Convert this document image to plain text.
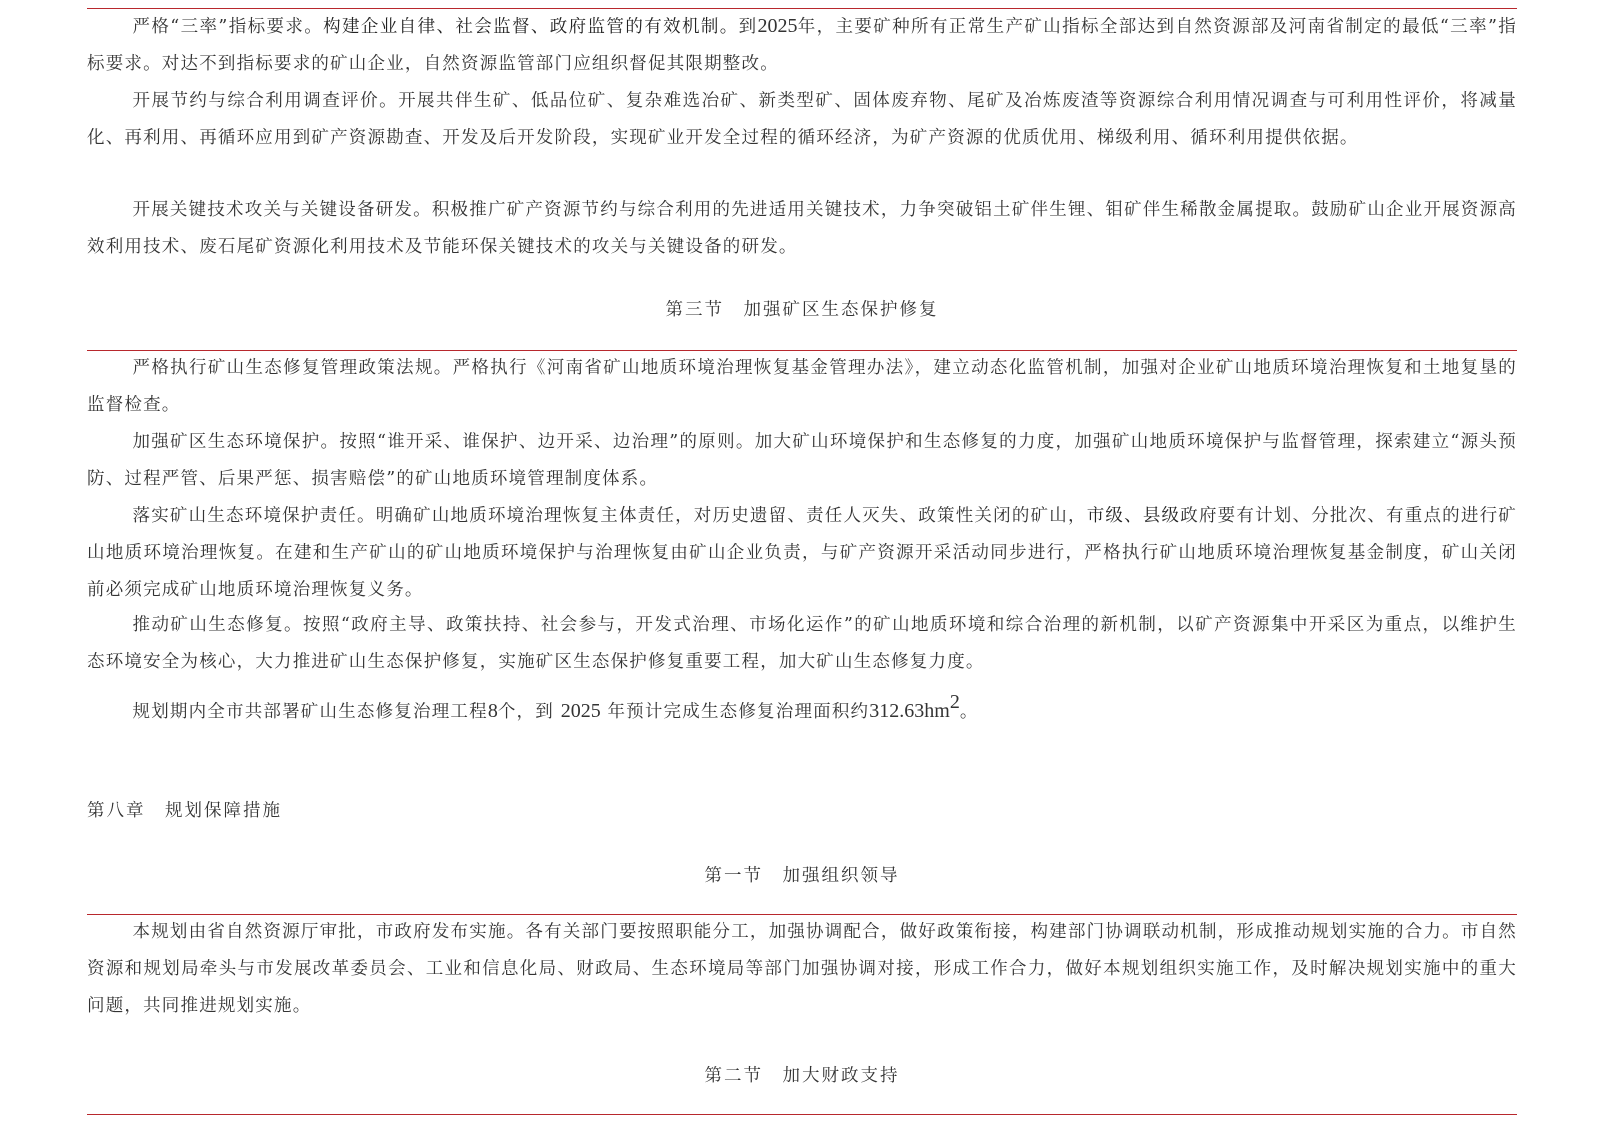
严格“三率”指标要求。构建企业自律、社会监督、政府监管的有效机制。到2025年，主要矿种所有正常生产矿山指标全部达到自然资源部及河南省制定的最低“三率”指标要求。对达不到指标要求的矿山企业，自然资源监管部门应组织督促其限期整改。

开展节约与综合利用调查评价。开展共伴生矿、低品位矿、复杂难选冶矿、新类型矿、固体废弃物、尾矿及冶炼废渣等资源综合利用情况调查与可利用性评价，将减量化、再利用、再循环应用到矿产资源勘查、开发及后开发阶段，实现矿业开发全过程的循环经济，为矿产资源的优质优用、梯级利用、循环利用提供依据。

开展关键技术攻关与关键设备研发。积极推广矿产资源节约与综合利用的先进适用关键技术，力争突破铝土矿伴生锂、钼矿伴生稀散金属提取。鼓励矿山企业开展资源高效利用技术、废石尾矿资源化利用技术及节能环保关键技术的攻关与关键设备的研发。

第三节　加强矿区生态保护修复

严格执行矿山生态修复管理政策法规。严格执行《河南省矿山地质环境治理恢复基金管理办法》，建立动态化监管机制，加强对企业矿山地质环境治理恢复和土地复垦的监督检查。

加强矿区生态环境保护。按照“谁开采、谁保护、边开采、边治理”的原则。加大矿山环境保护和生态修复的力度，加强矿山地质环境保护与监督管理，探索建立“源头预防、过程严管、后果严惩、损害赔偿”的矿山地质环境管理制度体系。

落实矿山生态环境保护责任。明确矿山地质环境治理恢复主体责任，对历史遗留、责任人灭失、政策性关闭的矿山，市级、县级政府要有计划、分批次、有重点的进行矿山地质环境治理恢复。在建和生产矿山的矿山地质环境保护与治理恢复由矿山企业负责，与矿产资源开采活动同步进行，严格执行矿山地质环境治理恢复基金制度，矿山关闭前必须完成矿山地质环境治理恢复义务。

推动矿山生态修复。按照“政府主导、政策扶持、社会参与，开发式治理、市场化运作”的矿山地质环境和综合治理的新机制，以矿产资源集中开采区为重点，以维护生态环境安全为核心，大力推进矿山生态保护修复，实施矿区生态保护修复重要工程，加大矿山生态修复力度。

规划期内全市共部署矿山生态修复治理工程8个，到 2025 年预计完成生态修复治理面积约$312.63hm^2$。

第八章　规划保障措施

第一节　加强组织领导

本规划由省自然资源厅审批，市政府发布实施。各有关部门要按照职能分工，加强协调配合，做好政策衔接，构建部门协调联动机制，形成推动规划实施的合力。市自然资源和规划局牵头与市发展改革委员会、工业和信息化局、财政局、生态环境局等部门加强协调对接，形成工作合力，做好本规划组织实施工作，及时解决规划实施中的重大问题，共同推进规划实施。

第二节　加大财政支持
